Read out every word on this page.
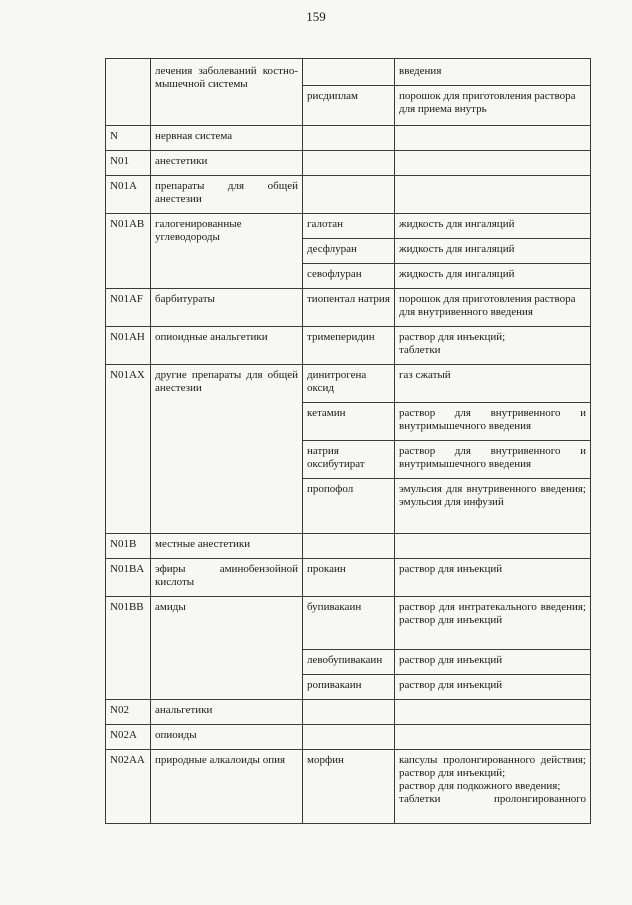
159
	лечения заболеваний костно-мышечной системы		введения
		рисдиплам	порошок для приготовления раствора для приема внутрь
N	нервная система		
N01	анестетики		
N01A	препараты для общей анестезии		
N01AB	галогенированные углеводороды	галотан	жидкость для ингаляций
		десфлуран	жидкость для ингаляций
		севофлуран	жидкость для ингаляций
N01AF	барбитураты	тиопентал натрия	порошок для приготовления раствора для внутривенного введения
N01AH	опиоидные анальгетики	тримеперидин	раствор для инъекций;
таблетки

N01AX	другие препараты для общей анестезии	динитрогена оксид	газ сжатый
		кетамин	раствор для внутривенного и внутримышечного введения
		натрия оксибутират	раствор для внутривенного и внутримышечного введения
		пропофол	эмульсия для внутривенного введения;
эмульсия для инфузий

N01B	местные анестетики		
N01BA	эфиры аминобензойной кислоты	прокаин	раствор для инъекций
N01BB	амиды	бупивакаин	раствор для интратекального введения;
раствор для инъекций

		левобупивакаин	раствор для инъекций
		ропивакаин	раствор для инъекций
N02	анальгетики		
N02A	опиоиды		
N02AA	природные алкалоиды опия	морфин	капсулы пролонгированного действия;
раствор для инъекций;
раствор для подкожного введения;
таблетки пролонгированного
